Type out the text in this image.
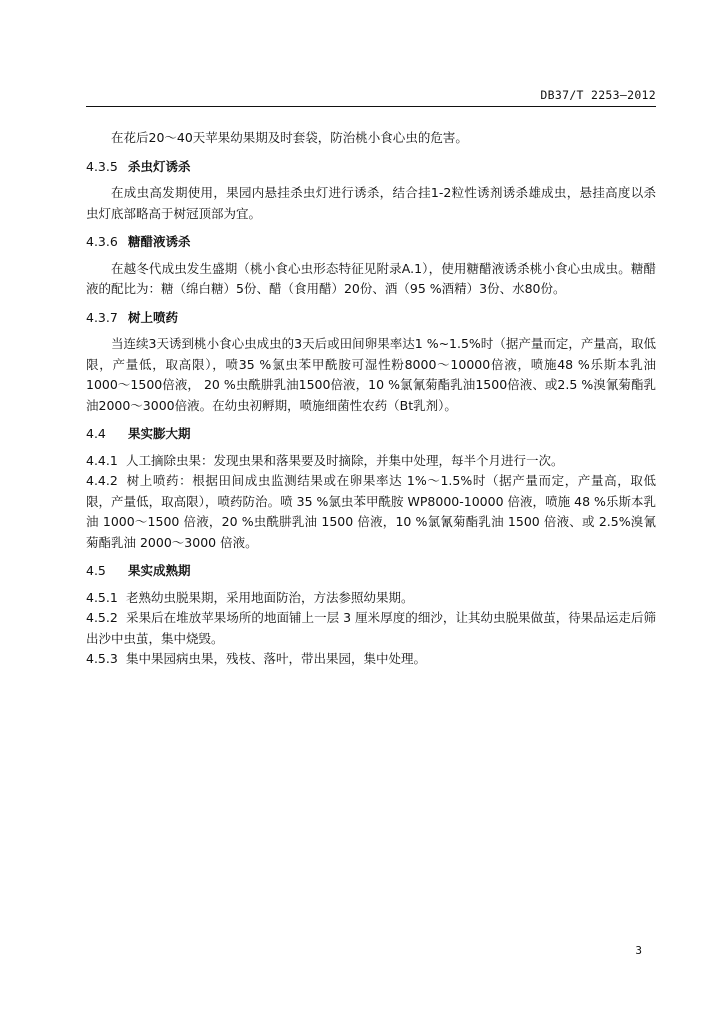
DB37/T 2253—2012

在花后20～40天苹果幼果期及时套袋，防治桃小食心虫的危害。

4.3.5 杀虫灯诱杀

在成虫高发期使用，果园内悬挂杀虫灯进行诱杀，结合挂1-2粒性诱剂诱杀雄成虫，悬挂高度以杀虫灯底部略高于树冠顶部为宜。

4.3.6 糖醋液诱杀

在越冬代成虫发生盛期（桃小食心虫形态特征见附录A.1），使用糖醋液诱杀桃小食心虫成虫。糖醋液的配比为：糖（绵白糖）5份、醋（食用醋）20份、酒（95 %酒精）3份、水80份。

4.3.7 树上喷药

当连续3天诱到桃小食心虫成虫的3天后或田间卵果率达1 %~1.5%时（据产量而定，产量高，取低限，产量低，取高限），喷35 %氯虫苯甲酰胺可湿性粉8000～10000倍液，喷施48 %乐斯本乳油1000～1500倍液， 20 %虫酰肼乳油1500倍液，10 %氯氰菊酯乳油1500倍液、或2.5 %溴氰菊酯乳油2000～3000倍液。在幼虫初孵期，喷施细菌性农药（Bt乳剂）。

4.4 果实膨大期

4.4.1 人工摘除虫果：发现虫果和落果要及时摘除，并集中处理，每半个月进行一次。

4.4.2 树上喷药：根据田间成虫监测结果或在卵果率达 1%～1.5%时（据产量而定，产量高，取低限，产量低，取高限），喷药防治。喷 35 %氯虫苯甲酰胺 WP8000-10000 倍液，喷施 48 %乐斯本乳油 1000～1500 倍液，20 %虫酰肼乳油 1500 倍液，10 %氯氰菊酯乳油 1500 倍液、或 2.5%溴氰菊酯乳油 2000～3000 倍液。

4.5 果实成熟期

4.5.1 老熟幼虫脱果期，采用地面防治，方法参照幼果期。

4.5.2 采果后在堆放苹果场所的地面铺上一层 3 厘米厚度的细沙，让其幼虫脱果做茧，待果品运走后筛出沙中虫茧，集中烧毁。

4.5.3 集中果园病虫果，残枝、落叶，带出果园，集中处理。

3
